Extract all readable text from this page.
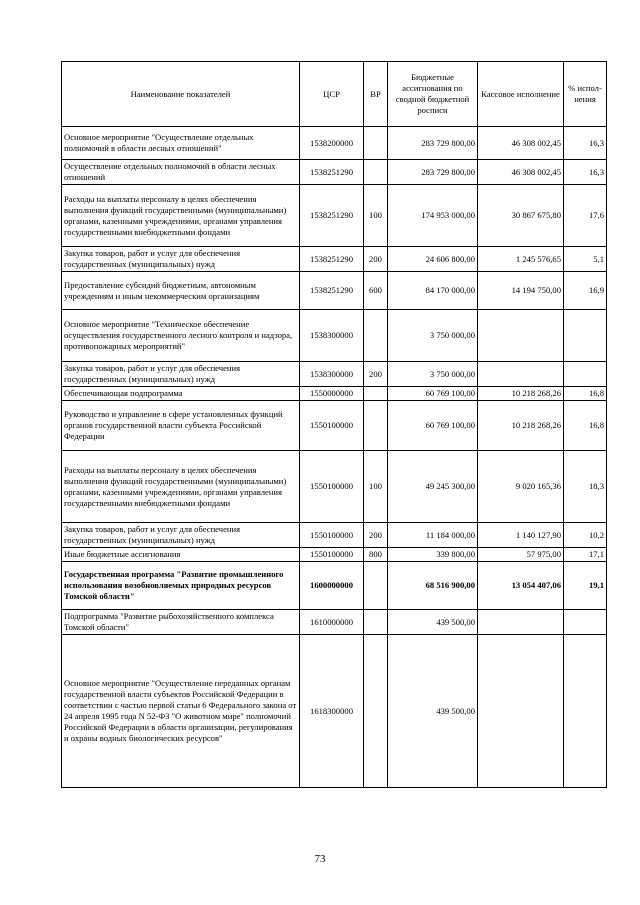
Наименование показателей	ЦСР	ВР	Бюджетные ассигнования по сводной бюджетной росписи	Кассовое исполнение	% испол-нения
Основное мероприятие "Осуществление отдельных полномочий в области лесных отношений"	1538200000		283 729 800,00	46 308 002,45	16,3
Осуществление отдельных полномочий в области лесных отношений	1538251290		283 729 800,00	46 308 002,45	16,3
Расходы на выплаты персоналу в целях обеспечения выполнения функций государственными (муниципальными) органами, казенными учреждениями, органами управления государственными внебюджетными фондами	1538251290	100	174 953 000,00	30 867 675,80	17,6
Закупка товаров, работ и услуг для обеспечения государственных (муниципальных) нужд	1538251290	200	24 606 800,00	1 245 576,65	5,1
Предоставление субсидий бюджетным, автономным учреждениям и иным некоммерческим организациям	1538251290	600	84 170 000,00	14 194 750,00	16,9
Основное мероприятие "Техническое обеспечение осуществления государственного лесного контроля и надзора, противопожарных мероприятий"	1538300000		3 750 000,00		
Закупка товаров, работ и услуг для обеспечения государственных (муниципальных) нужд	1538300000	200	3 750 000,00		
Обеспечивающая подпрограмма	1550000000		60 769 100,00	10 218 268,26	16,8
Руководство и управление в сфере установленных функций органов государственной власти субъекта Российской Федерации	1550100000		60 769 100,00	10 218 268,26	16,8
Расходы на выплаты персоналу в целях обеспечения выполнения функций государственными (муниципальными) органами, казенными учреждениями, органами управления государственными внебюджетными фондами	1550100000	100	49 245 300,00	9 020 165,36	18,3
Закупка товаров, работ и услуг для обеспечения государственных (муниципальных) нужд	1550100000	200	11 184 000,00	1 140 127,90	10,2
Иные бюджетные ассигнования	1550100000	800	339 800,00	57 975,00	17,1
Государственная программа "Развитие промышленного использования возобновляемых природных ресурсов Томской области"	1600000000		68 516 900,00	13 054 407,06	19,1
Подпрограмма "Развитие рыбохозяйственного комплекса Томской области"	1610000000		439 500,00		
Основное мероприятие "Осуществление переданных органам государственной власти субъектов Российской Федерации в соответствии с частью первой статьи 6 Федерального закона от 24 апреля 1995 года N 52-ФЗ "О животном мире" полномочий Российской Федерации в области организации, регулирования и охраны водных биологических ресурсов"	1618300000		439 500,00		
73
